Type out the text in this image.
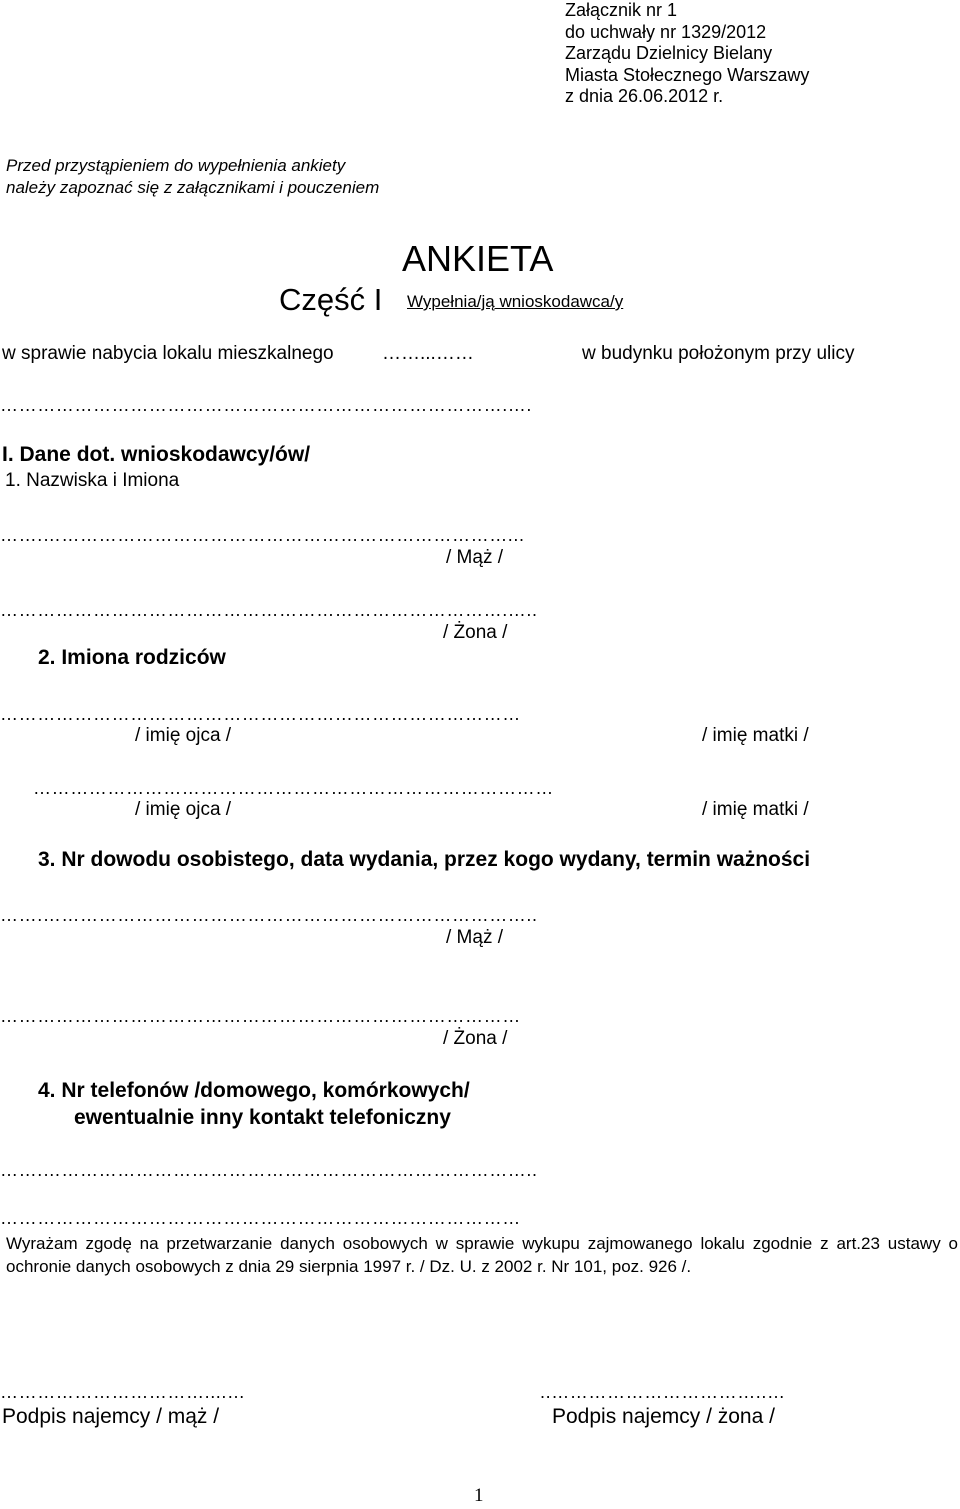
Załącznik nr 1
do uchwały nr 1329/2012
Zarządu Dzielnicy Bielany
Miasta Stołecznego Warszawy
z dnia 26.06.2012 r.
Przed przystąpieniem do wypełnienia ankiety
należy zapoznać się z załącznikami i pouczeniem
ANKIETA
Część I Wypełnia/ją wnioskodawca/y
w sprawie nabycia lokalu mieszkalnego	……...……	w budynku położonym przy ulicy
……………………………………………………………………….….
I. Dane dot. wnioskodawcy/ów/
1. Nazwiska i Imiona
…….…………………………………………………………………...
/ Mąż /
……………………………………………………………………….…..
/ Żona /
2. Imiona rodziców
…………………………………………………………………………
/ imię ojca /	/ imię matki /
…………………………………………………………………………
/ imię ojca /	/ imię matki /
3. Nr dowodu osobistego, data wydania, przez kogo wydany, termin ważności
…….……………………………………………………………………..
/ Mąż /
…………………………………………………………………………
/ Żona /
4. Nr telefonów /domowego, komórkowych/
ewentualnie inny kontakt telefoniczny
…….……………………………………………………………………..
…………………………………………………………………………
Wyrażam zgodę na przetwarzanie danych osobowych w sprawie wykupu zajmowanego lokalu zgodnie z art.23 ustawy o ochronie danych osobowych z dnia 29 sierpnia 1997 r. / Dz. U. z 2002 r. Nr 101, poz. 926 /.
……………………………....…
Podpis najemcy / mąż /
..……………………………..…
Podpis najemcy / żona /
1
